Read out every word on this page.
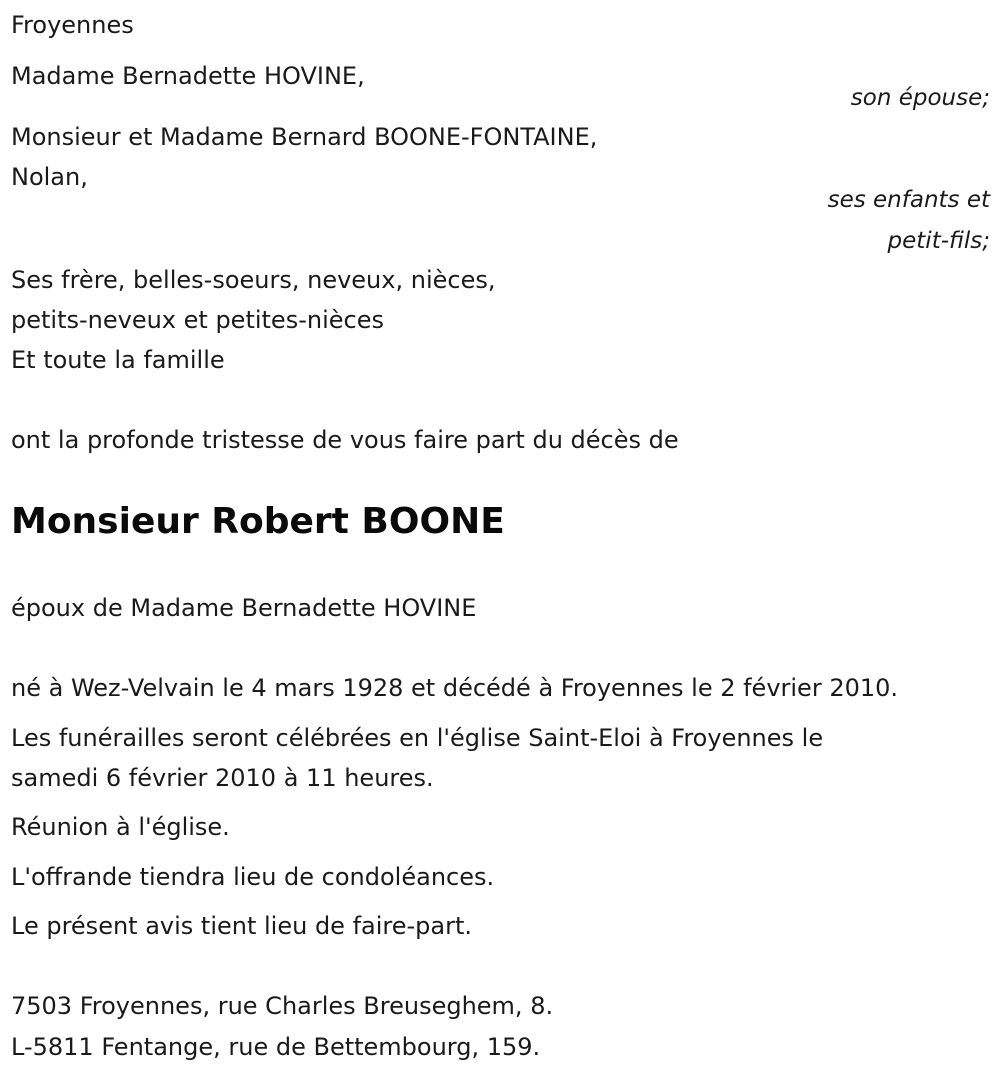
Froyennes
Madame Bernadette HOVINE,
son épouse;
Monsieur et Madame Bernard BOONE-FONTAINE,
Nolan,
ses enfants et
petit-fils;
Ses frère, belles-soeurs, neveux, nièces,
petits-neveux et petites-nièces
Et toute la famille
ont la profonde tristesse de vous faire part du décès de
Monsieur Robert BOONE
époux de Madame Bernadette HOVINE
né à Wez-Velvain le 4 mars 1928 et décédé à Froyennes le 2 février 2010.
Les funérailles seront célébrées en l'église Saint-Eloi à Froyennes le
samedi 6 février 2010 à 11 heures.
Réunion à l'église.
L'offrande tiendra lieu de condoléances.
Le présent avis tient lieu de faire-part.
7503 Froyennes, rue Charles Breuseghem, 8.
L-5811 Fentange, rue de Bettembourg, 159.
